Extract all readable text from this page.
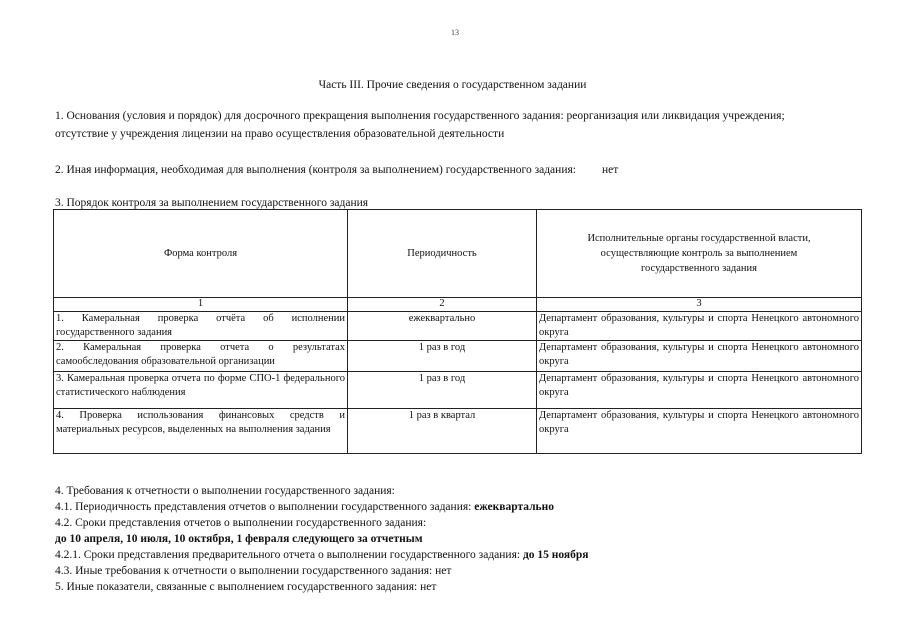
13
Часть III. Прочие сведения о государственном задании
1. Основания (условия и порядок) для досрочного прекращения выполнения государственного задания: реорганизация или ликвидация учреждения; отсутствие у учреждения лицензии на право осуществления образовательной деятельности
2. Иная информация, необходимая для выполнения (контроля за выполнением) государственного задания: нет
3. Порядок контроля за выполнением государственного задания
Форма контроля	Периодичность	Исполнительные органы государственной власти, осуществляющие контроль за выполнением государственного задания
1	2	3
1. Камеральная проверка отчёта об исполнении государственного задания	ежеквартально	Департамент образования, культуры и спорта Ненецкого автономного округа
2. Камеральная проверка отчета о результатах самообследования образовательной организации	1 раз в год	Департамент образования, культуры и спорта Ненецкого автономного округа
3. Камеральная проверка отчета по форме СПО-1 федерального статистического наблюдения	1 раз в год	Департамент образования, культуры и спорта Ненецкого автономного округа
4. Проверка использования финансовых средств и материальных ресурсов, выделенных на выполнения задания	1 раз в квартал	Департамент образования, культуры и спорта Ненецкого автономного округа
4. Требования к отчетности о выполнении государственного задания:
4.1. Периодичность представления отчетов о выполнении государственного задания: ежеквартально
4.2. Сроки представления отчетов о выполнении государственного задания:
до 10 апреля, 10 июля, 10 октября, 1 февраля следующего за отчетным
4.2.1. Сроки представления предварительного отчета о выполнении государственного задания: до 15 ноября
4.3. Иные требования к отчетности о выполнении государственного задания: нет
5. Иные показатели, связанные с выполнением государственного задания: нет
